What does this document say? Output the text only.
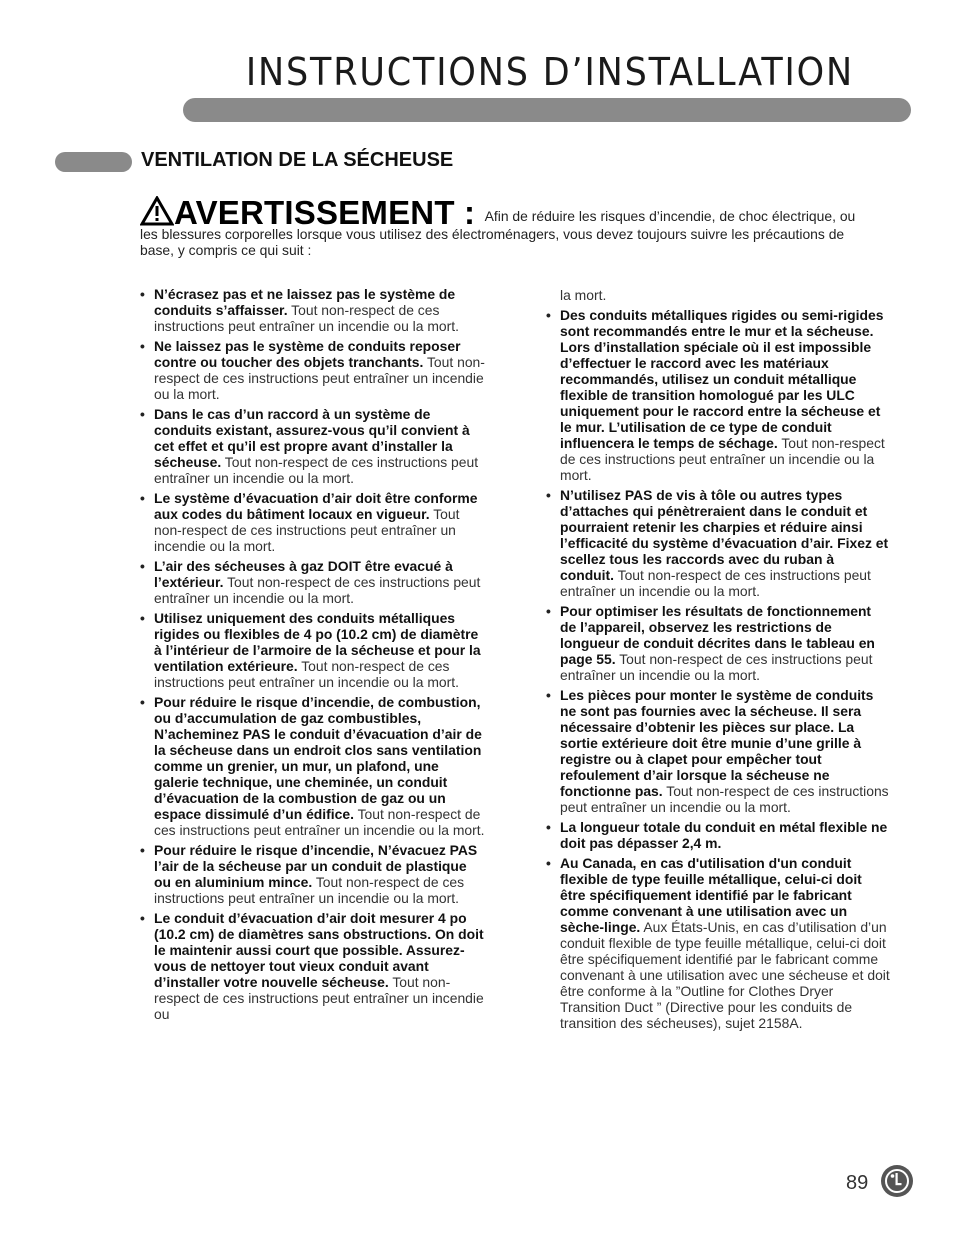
INSTRUCTIONS D’INSTALLATION
VENTILATION DE LA SÉCHEUSE
AVERTISSEMENT : Afin de réduire les risques d’incendie, de choc électrique, ou les blessures corporelles lorsque vous utilisez des électroménagers, vous devez toujours suivre les précautions de base, y compris ce qui suit :
• N’écrasez pas et ne laissez pas le système de conduits s’affaisser. Tout non-respect de ces instructions peut entraîner un incendie ou la mort.
• Ne laissez pas le système de conduits reposer contre ou toucher des objets tranchants. Tout non-respect de ces instructions peut entraîner un incendie ou la mort.
• Dans le cas d’un raccord à un système de conduits existant, assurez-vous qu’il convient à cet effet et qu’il est propre avant d’installer la sécheuse. Tout non-respect de ces instructions peut entraîner un incendie ou la mort.
• Le système d’évacuation d’air doit être conforme aux codes du bâtiment locaux en vigueur. Tout non-respect de ces instructions peut entraîner un incendie ou la mort.
• L’air des sécheuses à gaz DOIT être evacué à l’extérieur. Tout non-respect de ces instructions peut entraîner un incendie ou la mort.
• Utilisez uniquement des conduits métalliques rigides ou flexibles de 4 po (10.2 cm) de diamètre à l’intérieur de l’armoire de la sécheuse et pour la ventilation extérieure. Tout non-respect de ces instructions peut entraîner un incendie ou la mort.
• Pour réduire le risque d’incendie, de combustion, ou d’accumulation de gaz combustibles, N’acheminez PAS le conduit d’évacuation d’air de la sécheuse dans un endroit clos sans ventilation comme un grenier, un mur, un plafond, une galerie technique, une cheminée, un conduit d’évacuation de la combustion de gaz ou un espace dissimulé d’un édifice. Tout non-respect de ces instructions peut entraîner un incendie ou la mort.
• Pour réduire le risque d’incendie, N’évacuez PAS l’air de la sécheuse par un conduit de plastique ou en aluminium mince. Tout non-respect de ces instructions peut entraîner un incendie ou la mort.
• Le conduit d’évacuation d’air doit mesurer 4 po (10.2 cm) de diamètres sans obstructions. On doit le maintenir aussi court que possible. Assurez-vous de nettoyer tout vieux conduit avant d’installer votre nouvelle sécheuse. Tout non-respect de ces instructions peut entraîner un incendie ou
la mort.
• Des conduits métalliques rigides ou semi-rigides sont recommandés entre le mur et la sécheuse. Lors d’installation spéciale où il est impossible d’effectuer le raccord avec les matériaux recommandés, utilisez un conduit métallique flexible de transition homologué par les ULC uniquement pour le raccord entre la sécheuse et le mur. L’utilisation de ce type de conduit influencera le temps de séchage. Tout non-respect de ces instructions peut entraîner un incendie ou la mort.
• N’utilisez PAS de vis à tôle ou autres types d’attaches qui pénètreraient dans le conduit et pourraient retenir les charpies et réduire ainsi l’efficacité du système d’évacuation d’air. Fixez et scellez tous les raccords avec du ruban à conduit. Tout non-respect de ces instructions peut entraîner un incendie ou la mort.
• Pour optimiser les résultats de fonctionnement de l’appareil, observez les restrictions de longueur de conduit décrites dans le tableau en page 55. Tout non-respect de ces instructions peut entraîner un incendie ou la mort.
• Les pièces pour monter le système de conduits ne sont pas fournies avec la sécheuse. Il sera nécessaire d’obtenir les pièces sur place. La sortie extérieure doit être munie d’une grille à registre ou à clapet pour empêcher tout refoulement d’air lorsque la sécheuse ne fonctionne pas. Tout non-respect de ces instructions peut entraîner un incendie ou la mort.
• La longueur totale du conduit en métal flexible ne doit pas dépasser 2,4 m.
• Au Canada, en cas d'utilisation d'un conduit flexible de type feuille métallique, celui-ci doit être spécifiquement identifié par le fabricant comme convenant à une utilisation avec un sèche-linge. Aux États-Unis, en cas d’utilisation d’un conduit flexible de type feuille métallique, celui-ci doit être spécifiquement identifié par le fabricant comme convenant à une utilisation avec une sécheuse et doit être conforme à la ”Outline for Clothes Dryer Transition Duct ” (Directive pour les conduits de transition des sécheuses), sujet 2158A.
89
